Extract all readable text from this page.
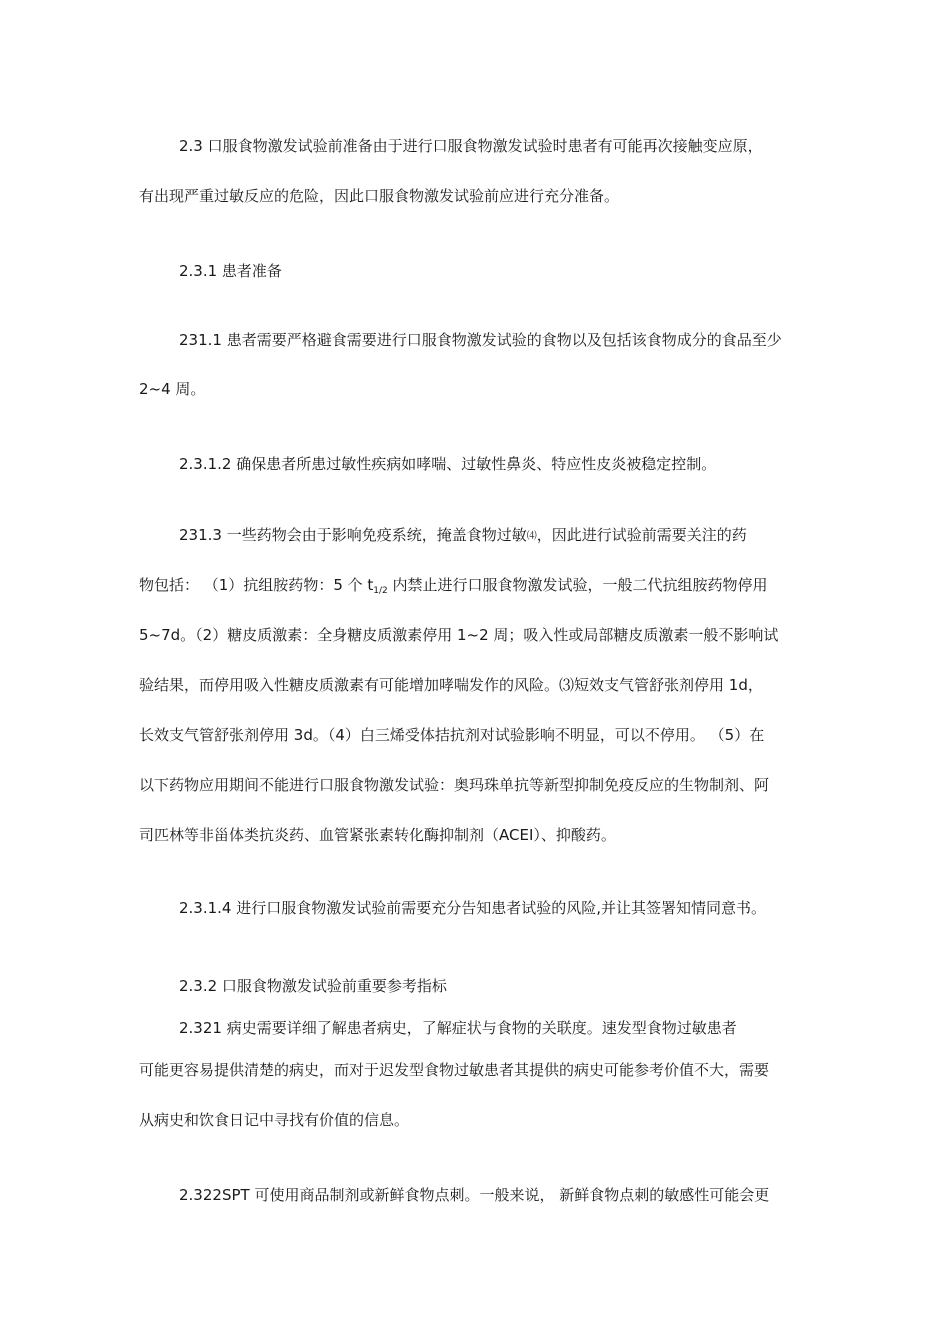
2.3 口服食物激发试验前准备由于进行口服食物激发试验时患者有可能再次接触变应原，
有出现严重过敏反应的危险，因此口服食物激发试验前应进行充分准备。
2.3.1 患者准备
231.1 患者需要严格避食需要进行口服食物激发试验的食物以及包括该食物成分的食品至少
2~4 周。
2.3.1.2 确保患者所患过敏性疾病如哮喘、过敏性鼻炎、特应性皮炎被稳定控制。
231.3 一些药物会由于影响免疫系统，掩盖食物过敏⑷，因此进行试验前需要关注的药
物包括： （1）抗组胺药物：5 个 $t_{1/2}$ 内禁止进行口服食物激发试验，一般二代抗组胺药物停用
5~7d。（2）糖皮质激素：全身糖皮质激素停用 1~2 周；吸入性或局部糖皮质激素一般不影响试
验结果，而停用吸入性糖皮质激素有可能增加哮喘发作的风险。⑶短效支气管舒张剂停用 1d，
长效支气管舒张剂停用 3d。（4）白三烯受体拮抗剂对试验影响不明显，可以不停用。 （5）在
以下药物应用期间不能进行口服食物激发试验：奥玛珠单抗等新型抑制免疫反应的生物制剂、阿
司匹林等非甾体类抗炎药、血管紧张素转化酶抑制剂（ACEI）、抑酸药。
2.3.1.4 进行口服食物激发试验前需要充分告知患者试验的风险,并让其签署知情同意书。
2.3.2 口服食物激发试验前重要参考指标
2.321 病史需要详细了解患者病史，了解症状与食物的关联度。速发型食物过敏患者
可能更容易提供清楚的病史，而对于迟发型食物过敏患者其提供的病史可能参考价值不大，需要
从病史和饮食日记中寻找有价值的信息。
2.322SPT 可使用商品制剂或新鲜食物点刺。一般来说， 新鲜食物点刺的敏感性可能会更
